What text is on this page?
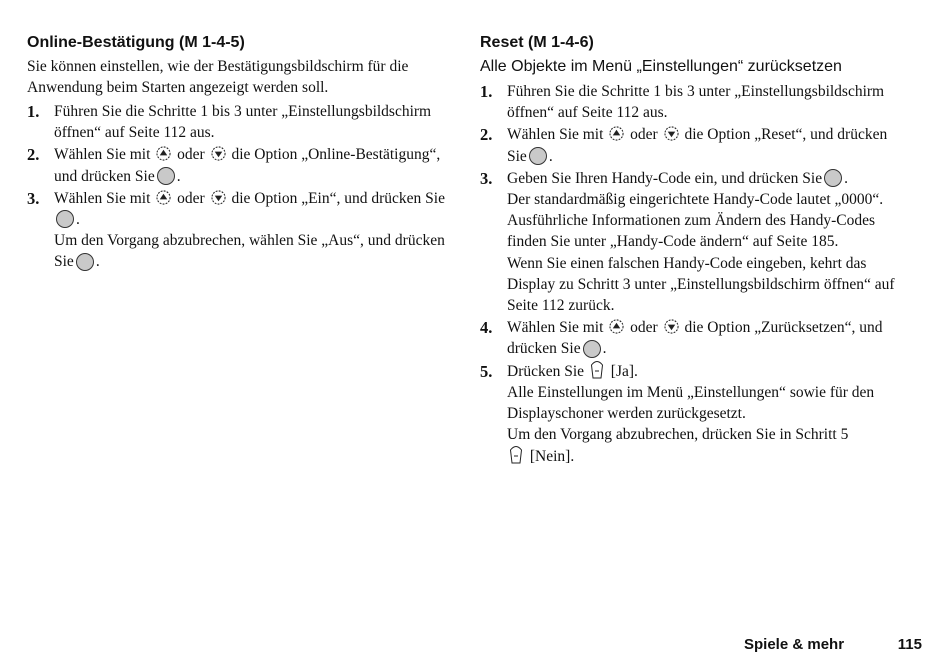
Online-Bestätigung (M 1-4-5)
Sie können einstellen, wie der Bestätigungsbildschirm für die Anwendung beim Starten angezeigt werden soll.
1. Führen Sie die Schritte 1 bis 3 unter „Einstellungsbildschirm öffnen“ auf Seite 112 aus.
2. Wählen Sie mit oder die Option „Online-Bestätigung“, und drücken Sie .
3. Wählen Sie mit oder die Option „Ein“, und drücken Sie.
Um den Vorgang abzubrechen, wählen Sie „Aus“, und drücken Sie .
Reset (M 1-4-6)
Alle Objekte im Menü „Einstellungen“ zurücksetzen
1. Führen Sie die Schritte 1 bis 3 unter „Einstellungsbildschirm öffnen“ auf Seite 112 aus.
2. Wählen Sie mit oder die Option „Reset“, und drücken Sie .
3. Geben Sie Ihren Handy-Code ein, und drücken Sie .
Der standardmäßig eingerichtete Handy-Code lautet „0000“. Ausführliche Informationen zum Ändern des Handy-Codes finden Sie unter „Handy-Code ändern“ auf Seite 185.
Wenn Sie einen falschen Handy-Code eingeben, kehrt das Display zu Schritt 3 unter „Einstellungsbildschirm öffnen“ auf Seite 112 zurück.
4. Wählen Sie mit oder die Option „Zurücksetzen“, und drücken Sie .
5. Drücken Sie [Ja].
Alle Einstellungen im Menü „Einstellungen“ sowie für den Displayschoner werden zurückgesetzt.
Um den Vorgang abzubrechen, drücken Sie in Schritt 5
[Nein].
Spiele & mehr	115
